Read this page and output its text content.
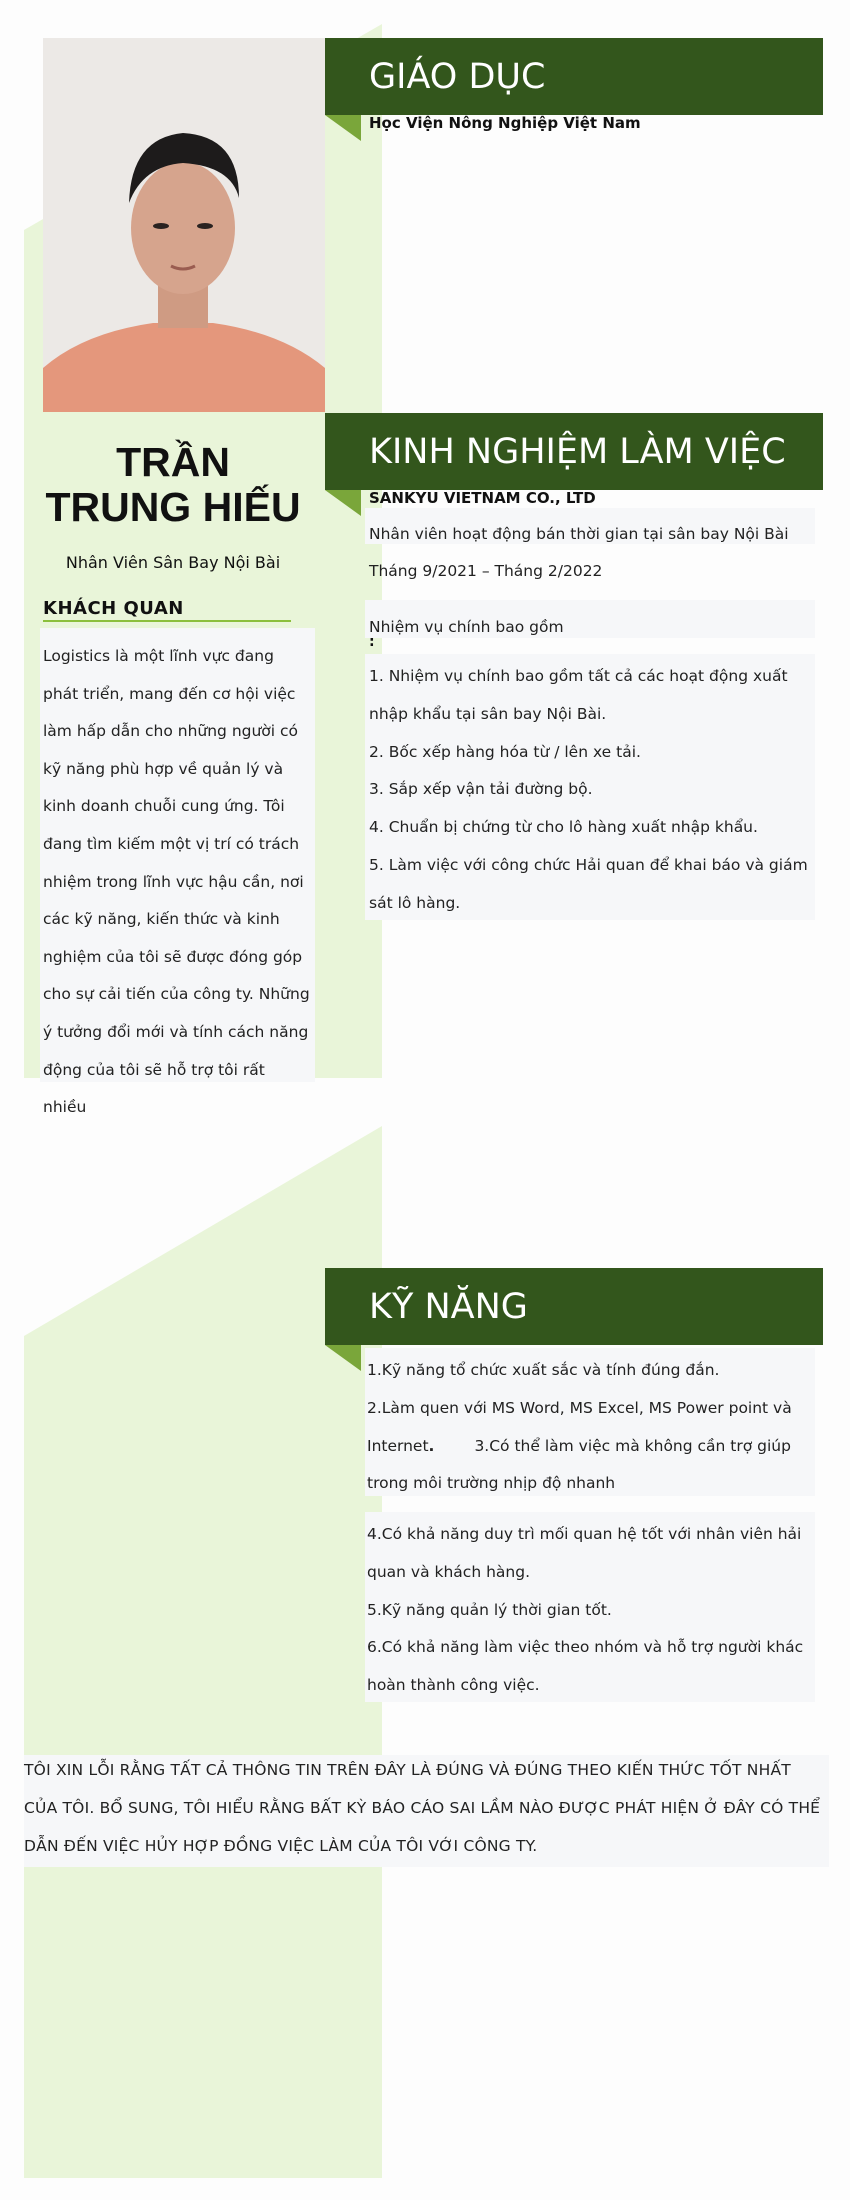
TRẦN
TRUNG HIẾU
Nhân Viên Sân Bay Nội Bài
KHÁCH QUAN

Logistics là một lĩnh vực đang phát triển, mang đến cơ hội việc làm hấp dẫn cho những người có kỹ năng phù hợp về quản lý và kinh doanh chuỗi cung ứng. Tôi đang tìm kiếm một vị trí có trách nhiệm trong lĩnh vực hậu cần, nơi các kỹ năng, kiến thức và kinh nghiệm của tôi sẽ được đóng góp cho sự cải tiến của công ty. Những ý tưởng đổi mới và tính cách năng động của tôi sẽ hỗ trợ tôi rất nhiều

GIÁO DỤC
Học Viện Nông Nghiệp Việt Nam
KINH NGHIỆM LÀM VIỆC
SANKYU VIETNAM CO., LTD
Nhân viên hoạt động bán thời gian tại sân bay Nội Bài
Tháng 9/2021 – Tháng 2/2022
Nhiệm vụ chính bao gồm
:

1. Nhiệm vụ chính bao gồm tất cả các hoạt động xuất

nhập khẩu tại sân bay Nội Bài.

2. Bốc xếp hàng hóa từ / lên xe tải.

3. Sắp xếp vận tải đường bộ.

4. Chuẩn bị chứng từ cho lô hàng xuất nhập khẩu.

5. Làm việc với công chức Hải quan để khai báo và giám

sát lô hàng.

KỸ NĂNG

1.Kỹ năng tổ chức xuất sắc và tính đúng đắn.

2.Làm quen với MS Word, MS Excel, MS Power point và

Internet.	3.Có thể làm việc mà không cần trợ giúp

trong môi trường nhịp độ nhanh

4.Có khả năng duy trì mối quan hệ tốt với nhân viên hải

quan và khách hàng.

5.Kỹ năng quản lý thời gian tốt.

6.Có khả năng làm việc theo nhóm và hỗ trợ người khác

hoàn thành công việc.

TÔI XIN LỖI RẰNG TẤT CẢ THÔNG TIN TRÊN ĐÂY LÀ ĐÚNG VÀ ĐÚNG THEO KIẾN THỨC TỐT NHẤT CỦA TÔI. BỔ SUNG, TÔI HIỂU RẰNG BẤT KỲ BÁO CÁO SAI LẦM NÀO ĐƯỢC PHÁT HIỆN Ở ĐÂY CÓ THỂ DẪN ĐẾN VIỆC HỦY HỢP ĐỒNG VIỆC LÀM CỦA TÔI VỚI CÔNG TY.
